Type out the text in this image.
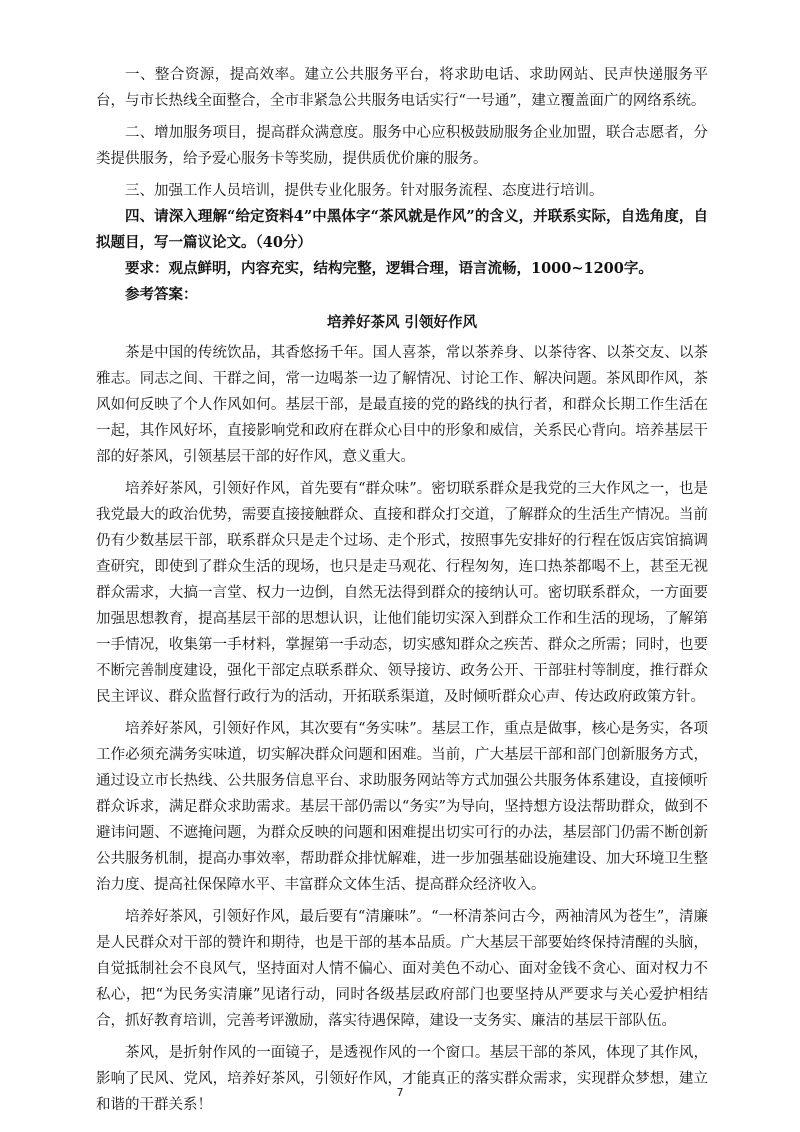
一、整合资源，提高效率。建立公共服务平台，将求助电话、求助网站、民声快递服务平台，与市长热线全面整合，全市非紧急公共服务电话实行“一号通”，建立覆盖面广的网络系统。

二、增加服务项目，提高群众满意度。服务中心应积极鼓励服务企业加盟，联合志愿者，分类提供服务，给予爱心服务卡等奖励，提供质优价廉的服务。

三、加强工作人员培训，提供专业化服务。针对服务流程、态度进行培训。

四、请深入理解“给定资料4”中黑体字“茶风就是作风”的含义，并联系实际，自选角度，自拟题目，写一篇议论文。（40分）

要求：观点鲜明，内容充实，结构完整，逻辑合理，语言流畅，1000~1200字。

参考答案：

培养好茶风 引领好作风

茶是中国的传统饮品，其香悠扬千年。国人喜茶，常以茶养身、以茶待客、以茶交友、以茶雅志。同志之间、干群之间，常一边喝茶一边了解情况、讨论工作、解决问题。茶风即作风，茶风如何反映了个人作风如何。基层干部，是最直接的党的路线的执行者，和群众长期工作生活在一起，其作风好坏，直接影响党和政府在群众心目中的形象和威信，关系民心背向。培养基层干部的好茶风，引领基层干部的好作风，意义重大。

培养好茶风，引领好作风，首先要有“群众味”。密切联系群众是我党的三大作风之一，也是我党最大的政治优势，需要直接接触群众、直接和群众打交道，了解群众的生活生产情况。当前仍有少数基层干部，联系群众只是走个过场、走个形式，按照事先安排好的行程在饭店宾馆搞调查研究，即使到了群众生活的现场，也只是走马观花、行程匆匆，连口热茶都喝不上，甚至无视群众需求，大搞一言堂、权力一边倒，自然无法得到群众的接纳认可。密切联系群众，一方面要加强思想教育，提高基层干部的思想认识，让他们能切实深入到群众工作和生活的现场，了解第一手情况，收集第一手材料，掌握第一手动态，切实感知群众之疾苦、群众之所需；同时，也要不断完善制度建设，强化干部定点联系群众、领导接访、政务公开、干部驻村等制度，推行群众民主评议、群众监督行政行为的活动，开拓联系渠道，及时倾听群众心声、传达政府政策方针。

培养好茶风，引领好作风，其次要有“务实味”。基层工作，重点是做事，核心是务实，各项工作必须充满务实味道，切实解决群众问题和困难。当前，广大基层干部和部门创新服务方式，通过设立市长热线、公共服务信息平台、求助服务网站等方式加强公共服务体系建设，直接倾听群众诉求，满足群众求助需求。基层干部仍需以“务实”为导向，坚持想方设法帮助群众，做到不避讳问题、不遮掩问题，为群众反映的问题和困难提出切实可行的办法，基层部门仍需不断创新公共服务机制，提高办事效率，帮助群众排忧解难，进一步加强基础设施建设、加大环境卫生整治力度、提高社保保障水平、丰富群众文体生活、提高群众经济收入。

培养好茶风，引领好作风，最后要有“清廉味”。“一杯清茶问古今，两袖清风为苍生”，清廉是人民群众对干部的赞许和期待，也是干部的基本品质。广大基层干部要始终保持清醒的头脑，自觉抵制社会不良风气，坚持面对人情不偏心、面对美色不动心、面对金钱不贪心、面对权力不私心，把“为民务实清廉”见诸行动，同时各级基层政府部门也要坚持从严要求与关心爱护相结合，抓好教育培训，完善考评激励，落实待遇保障，建设一支务实、廉洁的基层干部队伍。

茶风，是折射作风的一面镜子，是透视作风的一个窗口。基层干部的茶风，体现了其作风，影响了民风、党风，培养好茶风，引领好作风，才能真正的落实群众需求，实现群众梦想，建立和谐的干群关系！

7
